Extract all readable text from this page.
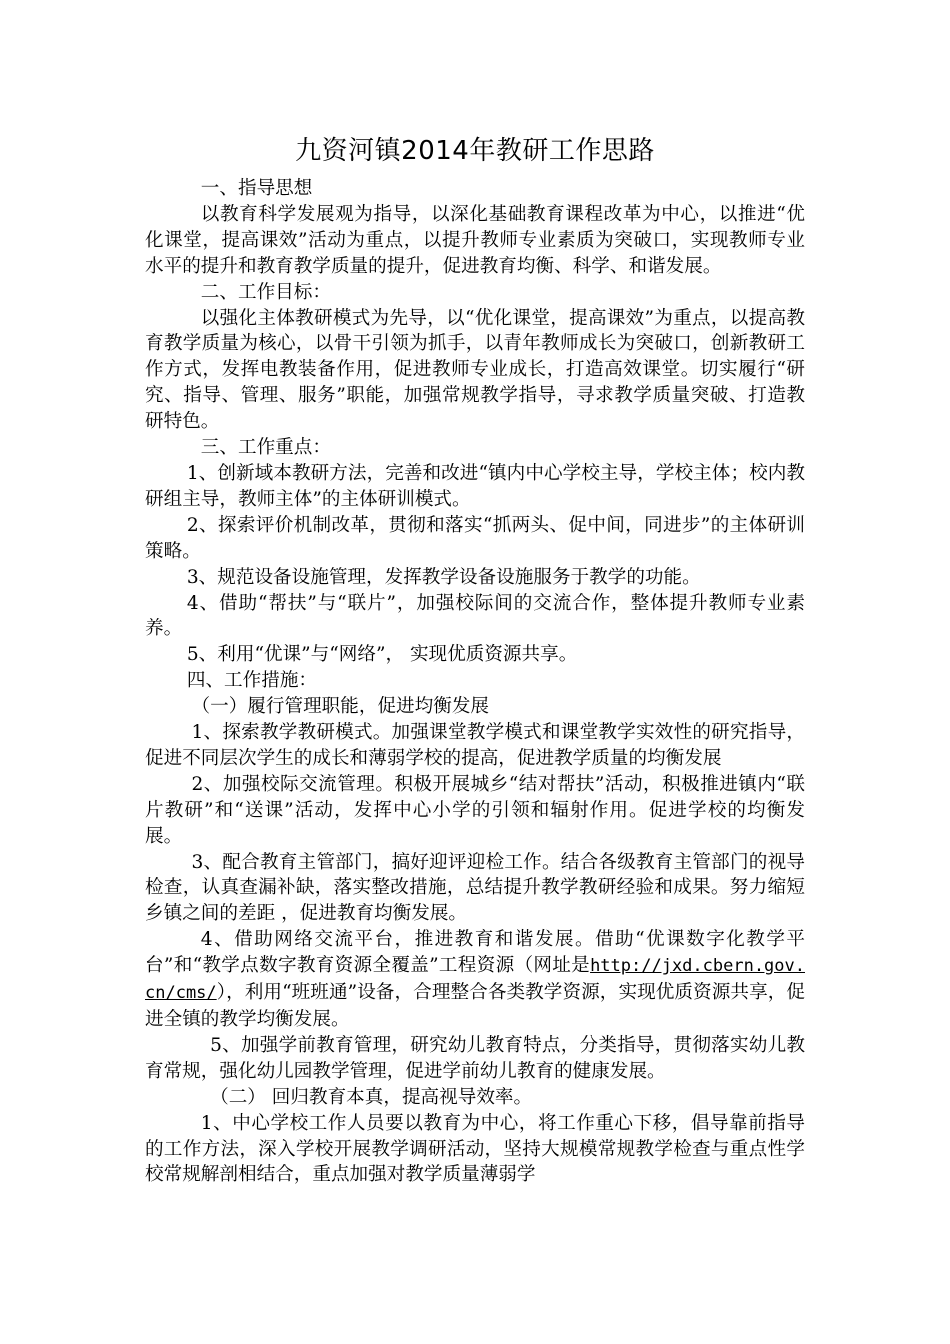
九资河镇2014年教研工作思路

一、指导思想

以教育科学发展观为指导，以深化基础教育课程改革为中心，以推进“优化课堂，提高课效”活动为重点，以提升教师专业素质为突破口，实现教师专业水平的提升和教育教学质量的提升，促进教育均衡、科学、和谐发展。

二、工作目标：

以强化主体教研模式为先导，以“优化课堂，提高课效”为重点，以提高教育教学质量为核心，以骨干引领为抓手，以青年教师成长为突破口，创新教研工作方式，发挥电教装备作用，促进教师专业成长，打造高效课堂。切实履行“研究、指导、管理、服务”职能，加强常规教学指导，寻求教学质量突破、打造教研特色。

三、工作重点：

1、创新域本教研方法，完善和改进“镇内中心学校主导，学校主体；校内教研组主导，教师主体”的主体研训模式。

2、探索评价机制改革，贯彻和落实“抓两头、促中间，同进步”的主体研训策略。

3、规范设备设施管理，发挥教学设备设施服务于教学的功能。

4、借助“帮扶”与“联片”，加强校际间的交流合作，整体提升教师专业素养。

5、利用“优课”与“网络”， 实现优质资源共享。

四、工作措施：

（一）履行管理职能，促进均衡发展

1、探索教学教研模式。加强课堂教学模式和课堂教学实效性的研究指导，促进不同层次学生的成长和薄弱学校的提高，促进教学质量的均衡发展

2、加强校际交流管理。积极开展城乡“结对帮扶”活动，积极推进镇内“联片教研”和“送课”活动，发挥中心小学的引领和辐射作用。促进学校的均衡发展。

3、配合教育主管部门，搞好迎评迎检工作。结合各级教育主管部门的视导检查，认真查漏补缺，落实整改措施，总结提升教学教研经验和成果。努力缩短乡镇之间的差距 ，促进教育均衡发展。

4、借助网络交流平台，推进教育和谐发展。借助“优课数字化教学平台”和“教学点数字教育资源全覆盖”工程资源（网址是http://jxd.cbern.gov.cn/cms/），利用“班班通”设备，合理整合各类教学资源，实现优质资源共享，促进全镇的教学均衡发展。

5、加强学前教育管理，研究幼儿教育特点，分类指导，贯彻落实幼儿教育常规，强化幼儿园教学管理，促进学前幼儿教育的健康发展。

（二） 回归教育本真，提高视导效率。

1、中心学校工作人员要以教育为中心，将工作重心下移，倡导靠前指导的工作方法，深入学校开展教学调研活动，坚持大规模常规教学检查与重点性学校常规解剖相结合，重点加强对教学质量薄弱学
